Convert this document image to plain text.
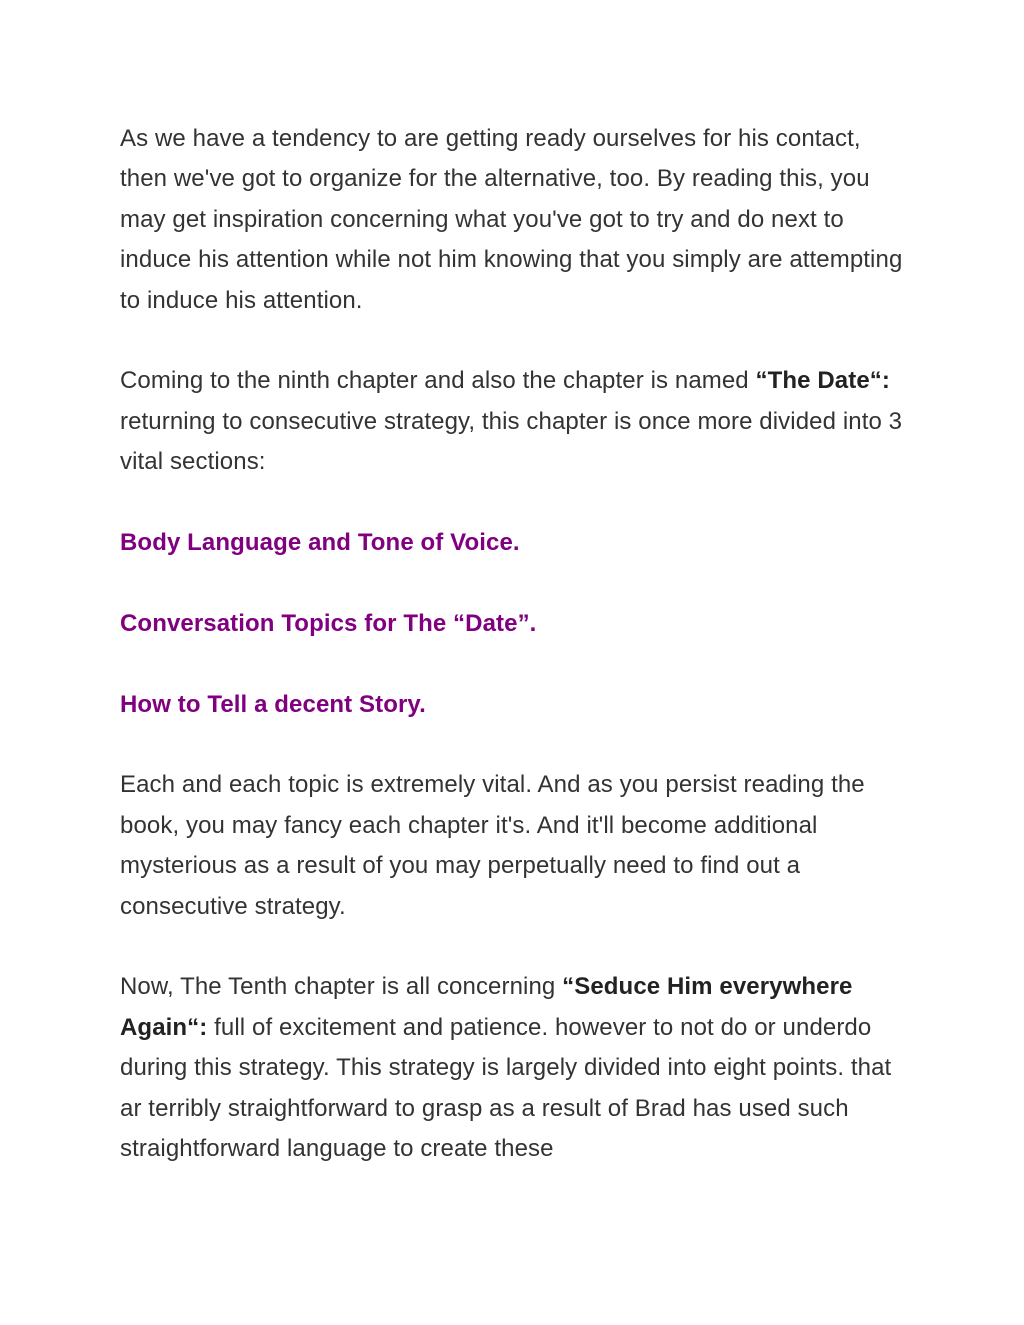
As we have a tendency to are getting ready ourselves for his contact, then we've got to organize for the alternative, too. By reading this, you may get inspiration concerning what you've got to try and do next to induce his attention while not him knowing that you simply are attempting to induce his attention.

Coming to the ninth chapter and also the chapter is named “The Date“: returning to consecutive strategy, this chapter is once more divided into 3 vital sections:

Body Language and Tone of Voice.
Conversation Topics for The “Date”.
How to Tell a decent Story.

Each and each topic is extremely vital. And as you persist reading the book, you may fancy each chapter it's. And it'll become additional mysterious as a result of you may perpetually need to find out a consecutive strategy.

Now, The Tenth chapter is all concerning “Seduce Him everywhere Again“: full of excitement and patience. however to not do or underdo during this strategy. This strategy is largely divided into eight points. that ar terribly straightforward to grasp as a result of Brad has used such straightforward language to create these
